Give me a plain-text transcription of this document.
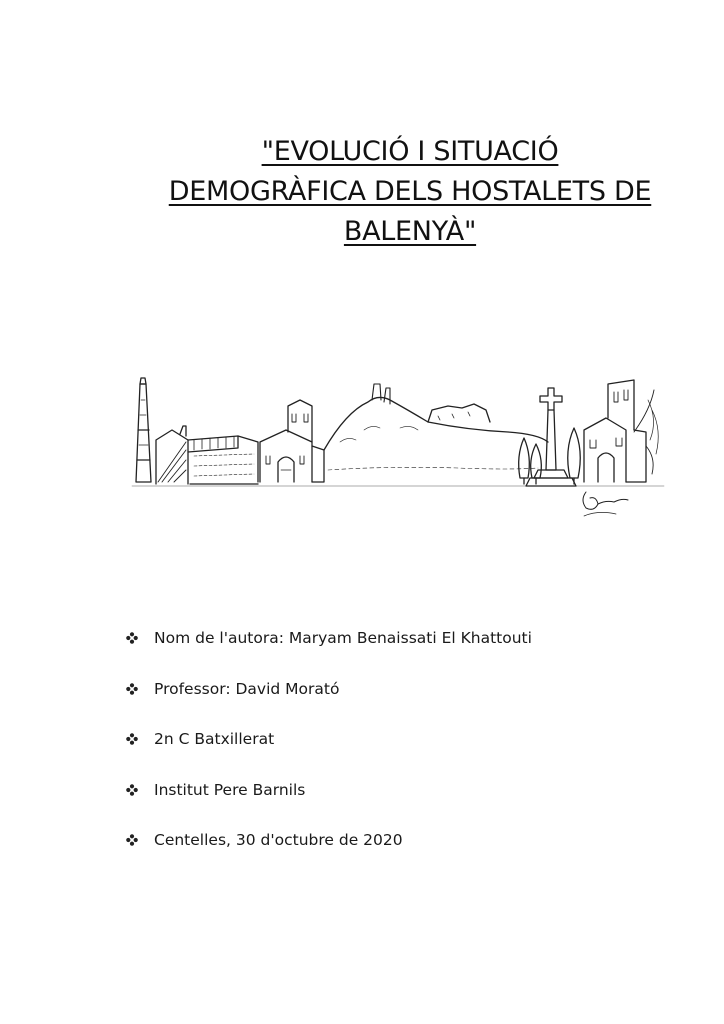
"EVOLUCIÓ I SITUACIÓ
DEMOGRÀFICA DELS HOSTALETS DE
BALENYÀ"
Nom de l'autora: Maryam Benaissati El Khattouti
Professor: David Morató
2n C Batxillerat
Institut Pere Barnils
Centelles, 30 d'octubre de 2020
